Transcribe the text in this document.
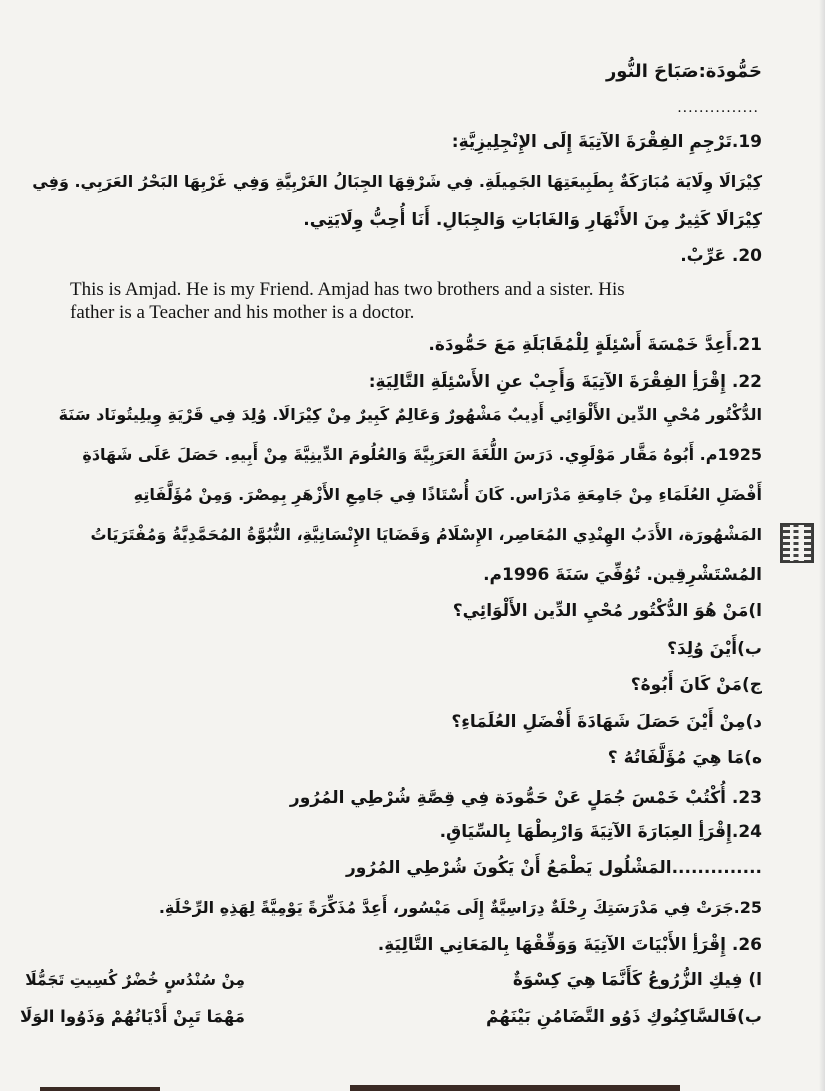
حَمُّودَة:صَبَاحَ النُّور
...............
19.تَرْجِمِ الفِقْرَةَ الآتِيَةَ إِلَى الإِنْجِلِيزِيَّةِ:
كِيْرَالَا وِلَايَة مُبَارَكَةٌ بِطَبِيعَتِهَا الجَمِيلَةِ. فِي شَرْقِهَا الجِبَالُ الغَرْبِيَّةِ وَفِي غَرْبِهَا البَحْرُ العَرَبِي. وَفِي
كِيْرَالَا كَثِيرٌ مِنَ الأَنْهَارِ وَالغَابَاتِ وَالجِبَالِ. أَنَا أُحِبُّ وِلَايَتِي.
20. عَرِّبْ.
This is Amjad. He is my Friend. Amjad has two brothers and a sister. His
father is a Teacher and his mother is a doctor.
21.أَعِدَّ خَمْسَةَ أَسْئِلَةٍ لِلْمُقَابَلَةِ مَعَ حَمُّودَة.
22. إِقْرَأِ الفِقْرَةَ الآتِيَةَ وَأَجِبْ عنِ الأَسْئِلَةِ التَّالِيَةِ:
الدُّكْتُور مُحْيِ الدِّين الأَلْوَائِي أَدِيبٌ مَشْهُورٌ وَعَالِمٌ كَبِيرٌ مِنْ كِيْرَالَا. وُلِدَ فِي قَرْيَةِ وِيلِيتُونَاد سَنَةَ
1925م. أَبُوهُ مَقَّار مَوْلَوِي. دَرَسَ اللُّغَةَ العَرَبِيَّةَ وَالعُلُومَ الدِّينِيَّةَ مِنْ أَبِيهِ. حَصَلَ عَلَى شَهَادَةِ
أَفْضَلِ العُلَمَاءِ مِنْ جَامِعَةِ مَدْرَاس. كَانَ أُسْتَاذًا فِي جَامِعِ الأَزْهَرِ بِمِصْرَ. وَمِنْ مُؤَلَّفَاتِهِ
المَشْهُورَة، الأَدَبُ الهِنْدِي المُعَاصِر، الإِسْلَامُ وَقَضَايَا الإِنْسَانِيَّةِ، النُّبُوَّةُ المُحَمَّدِيَّةُ وَمُفْتَرَيَاتُ
المُسْتَشْرِقِين. تُوُفِّيَ سَنَةَ 1996م.
ا)مَنْ هُوَ الدُّكْتُور مُحْيِ الدِّين الأَلْوَائِي؟
ب)أَيْنَ وُلِدَ؟
ج)مَنْ كَانَ أَبُوهُ؟
د)مِنْ أَيْنَ حَصَلَ شَهَادَةَ أَفْضَلِ العُلَمَاءِ؟
ه)مَا هِيَ مُؤَلَّفَاتُهُ ؟
23. أُكْتُبْ خَمْسَ جُمَلٍ عَنْ حَمُّودَة فِي قِصَّةِ شُرْطِي المُرُور
24.إِقْرَأِ العِبَارَةَ الآتِيَةَ وَارْبِطْهَا بِالسِّيَاقِ.
..............المَشْلُول يَطْمَعُ أَنْ يَكُونَ شُرْطِي المُرُور
25.جَرَتْ فِي مَدْرَسَتِكَ رِحْلَةٌ دِرَاسِيَّةٌ إِلَى مَيْسُور، أَعِدَّ مُذَكِّرَةً يَوْمِيَّةً لِهَذِهِ الرِّحْلَةِ.
26. إِقْرَأِ الأَبْيَاتَ الآتِيَةَ وَوَفِّقْهَا بِالمَعَانِي التَّالِيَةِ.
ا) فِيكِ الزُّرُوعُ كَأَنَّمَا هِيَ كِسْوَةٌ
مِنْ سُنْدُسٍ خُضْرٌ كُسِيتِ تَجَمُّلَا
ب)فَالسَّاكِنُوكِ ذَوُو التَّضَامُنِ بَيْنَهُمْ
مَهْمَا تَبِنْ أَدْيَانُهُمْ وَذَوُوا الوَلَا
